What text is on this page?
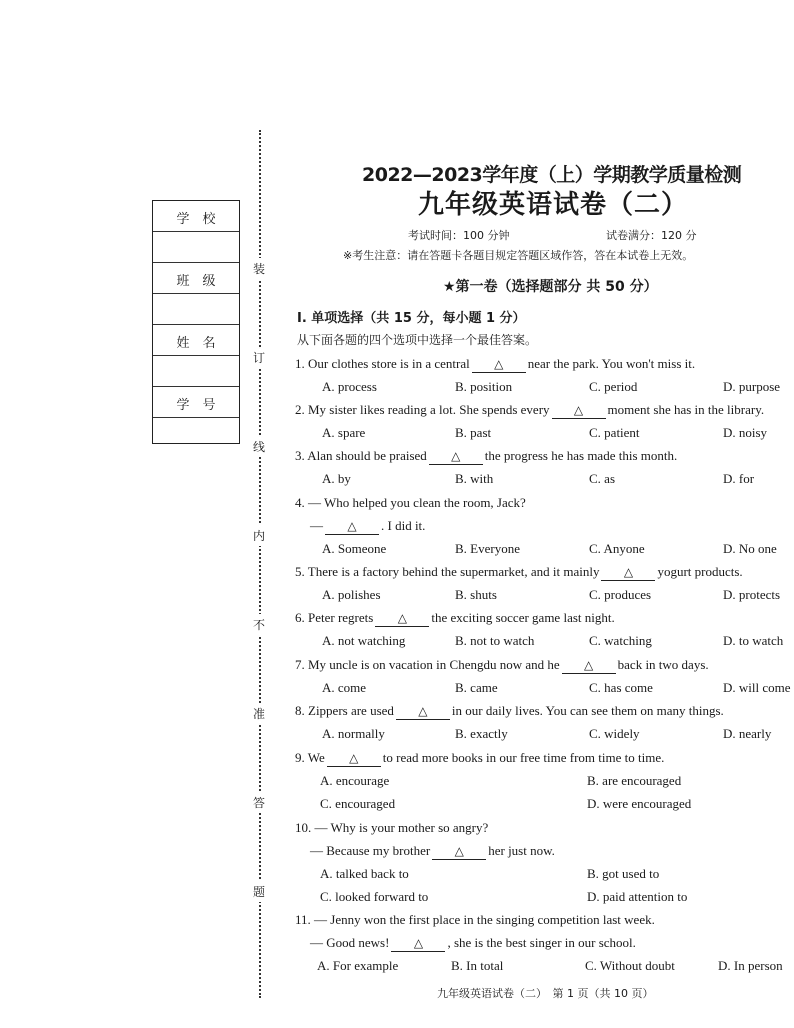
学　校
班　级
姓　名
学　号
装
订
线
内
不
准
答
题
2022—2023学年度（上）学期教学质量检测
九年级英语试卷（二）
考试时间：100 分钟	试卷满分：120 分
※考生注意：请在答题卡各题目规定答题区域作答，答在本试卷上无效。
★第一卷（选择题部分 共 50 分）
Ⅰ. 单项选择（共 15 分，每小题 1 分）
从下面各题的四个选项中选择一个最佳答案。
1. Our clothes store is in a central △ near the park. You won't miss it.
A. process	B. position	C. period	D. purpose
2. My sister likes reading a lot. She spends every △ moment she has in the library.
A. spare	B. past	C. patient	D. noisy
3. Alan should be praised △ the progress he has made this month.
A. by	B. with	C. as	D. for
4. — Who helped you clean the room, Jack?
— △ . I did it.
A. Someone	B. Everyone	C. Anyone	D. No one
5. There is a factory behind the supermarket, and it mainly △ yogurt products.
A. polishes	B. shuts	C. produces	D. protects
6. Peter regrets △ the exciting soccer game last night.
A. not watching	B. not to watch	C. watching	D. to watch
7. My uncle is on vacation in Chengdu now and he △ back in two days.
A. come	B. came	C. has come	D. will come
8. Zippers are used △ in our daily lives. You can see them on many things.
A. normally	B. exactly	C. widely	D. nearly
9. We △ to read more books in our free time from time to time.
A. encourage	B. are encouraged
C. encouraged	D. were encouraged
10. — Why is your mother so angry?
— Because my brother △ her just now.
A. talked back to	B. got used to
C. looked forward to	D. paid attention to
11. — Jenny won the first place in the singing competition last week.
— Good news! △ , she is the best singer in our school.
A. For example	B. In total	C. Without doubt	D. In person
九年级英语试卷（二）　第 1 页（共 10 页）
